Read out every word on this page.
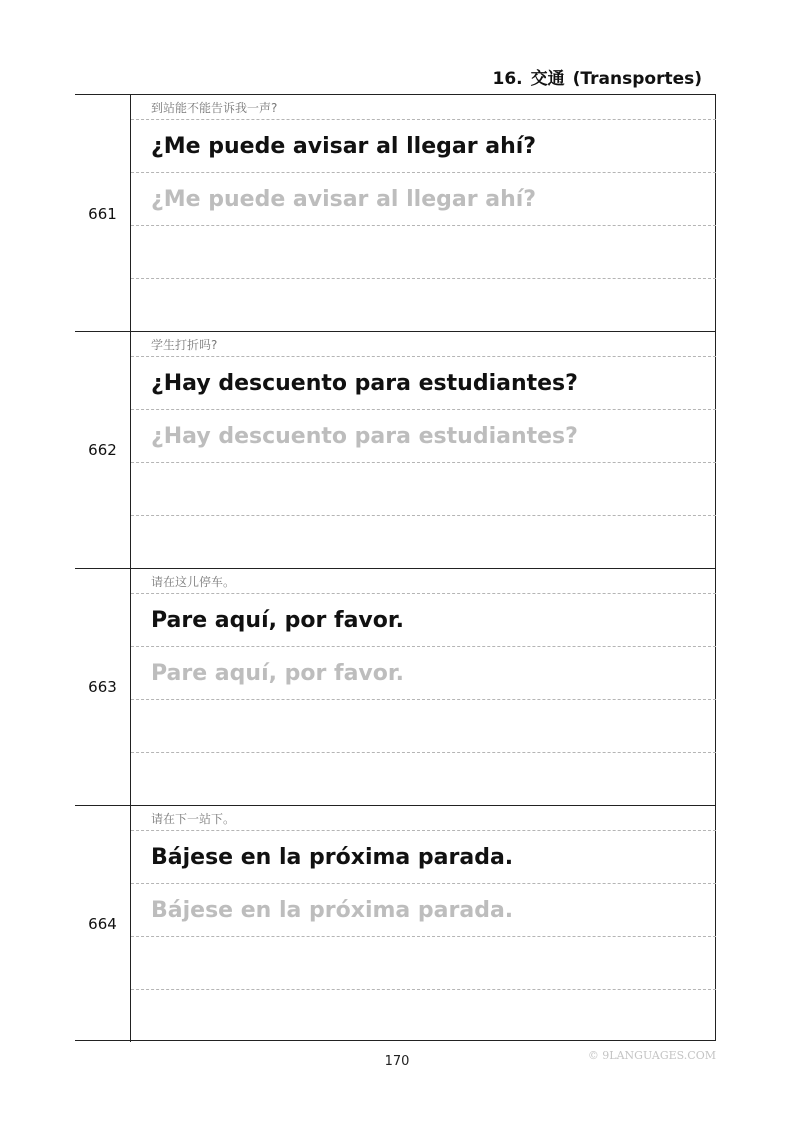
16. 交通 (Transportes)
661
到站能不能告诉我一声?
¿Me puede avisar al llegar ahí?
¿Me puede avisar al llegar ahí?
662
学生打折吗?
¿Hay descuento para estudiantes?
¿Hay descuento para estudiantes?
663
请在这儿停车。
Pare aquí, por favor.
Pare aquí, por favor.
664
请在下一站下。
Bájese en la próxima parada.
Bájese en la próxima parada.
170	© 9LANGUAGES.COM
